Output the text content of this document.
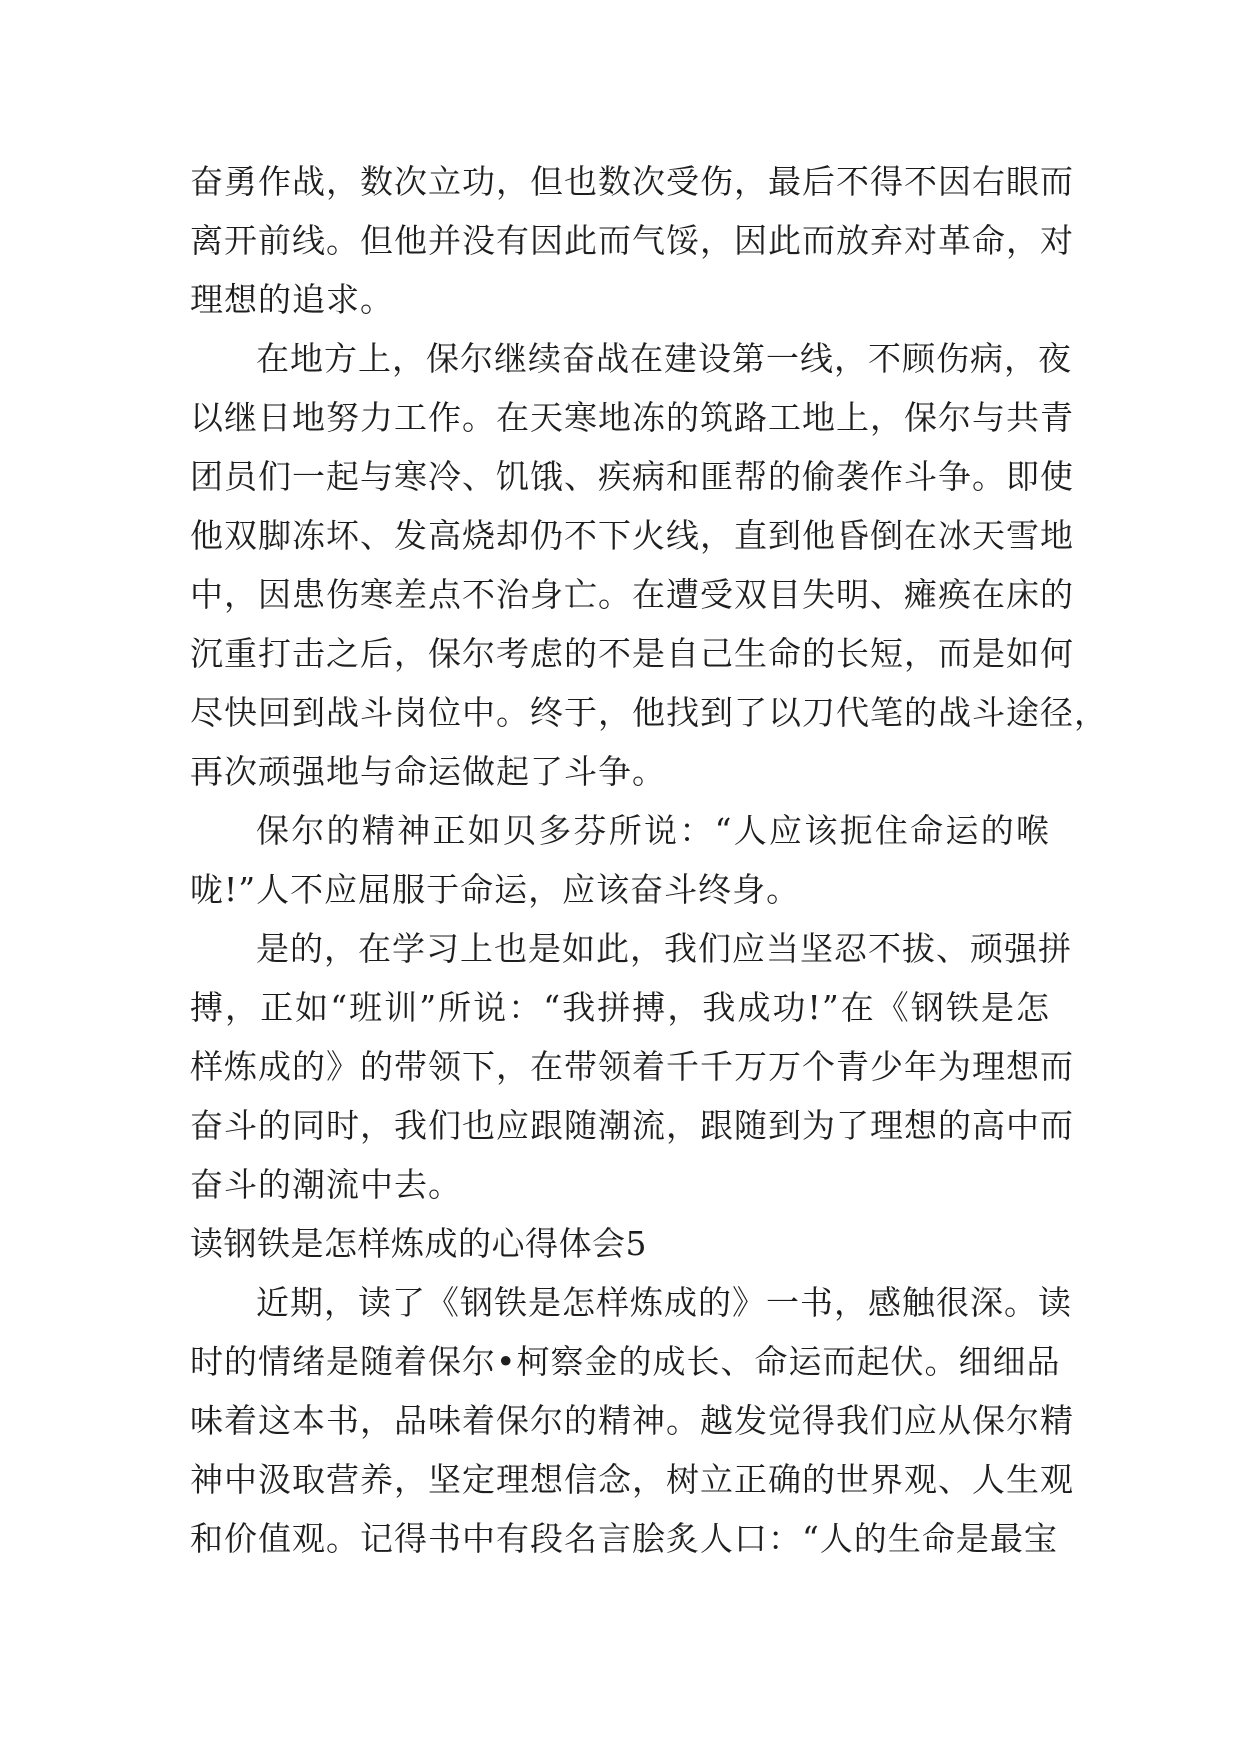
奋勇作战，数次立功，但也数次受伤，最后不得不因右眼而
离开前线。但他并没有因此而气馁，因此而放弃对革命，对
理想的追求。
在地方上，保尔继续奋战在建设第一线，不顾伤病，夜
以继日地努力工作。在天寒地冻的筑路工地上，保尔与共青
团员们一起与寒冷、饥饿、疾病和匪帮的偷袭作斗争。即使
他双脚冻坏、发高烧却仍不下火线，直到他昏倒在冰天雪地
中，因患伤寒差点不治身亡。在遭受双目失明、瘫痪在床的
沉重打击之后，保尔考虑的不是自己生命的长短，而是如何
尽快回到战斗岗位中。终于，他找到了以刀代笔的战斗途径，
再次顽强地与命运做起了斗争。
保尔的精神正如贝多芬所说：“人应该扼住命运的喉
咙!”人不应屈服于命运，应该奋斗终身。
是的，在学习上也是如此，我们应当坚忍不拔、顽强拼
搏，正如“班训”所说：“我拼搏，我成功!”在《钢铁是怎
样炼成的》的带领下，在带领着千千万万个青少年为理想而
奋斗的同时，我们也应跟随潮流，跟随到为了理想的高中而
奋斗的潮流中去。
读钢铁是怎样炼成的心得体会5
近期，读了《钢铁是怎样炼成的》一书，感触很深。读
时的情绪是随着保尔•柯察金的成长、命运而起伏。细细品
味着这本书，品味着保尔的精神。越发觉得我们应从保尔精
神中汲取营养，坚定理想信念，树立正确的世界观、人生观
和价值观。记得书中有段名言脍炙人口：“人的生命是最宝
